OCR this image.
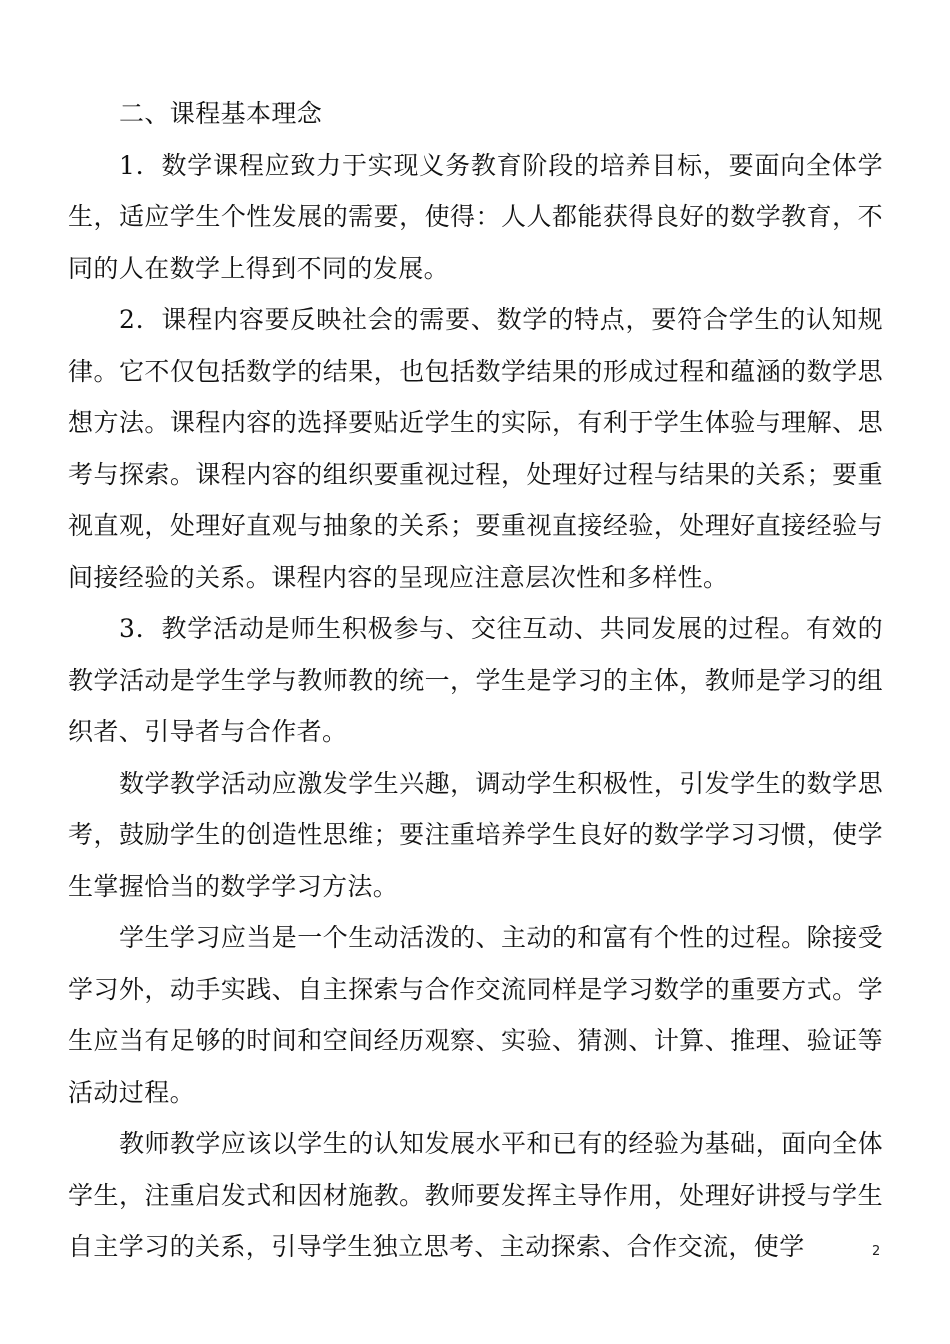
二、课程基本理念

1．数学课程应致力于实现义务教育阶段的培养目标，要面向全体学生，适应学生个性发展的需要，使得：人人都能获得良好的数学教育，不同的人在数学上得到不同的发展。

2．课程内容要反映社会的需要、数学的特点，要符合学生的认知规律。它不仅包括数学的结果，也包括数学结果的形成过程和蕴涵的数学思想方法。课程内容的选择要贴近学生的实际，有利于学生体验与理解、思考与探索。课程内容的组织要重视过程，处理好过程与结果的关系；要重视直观，处理好直观与抽象的关系；要重视直接经验，处理好直接经验与间接经验的关系。课程内容的呈现应注意层次性和多样性。

3．教学活动是师生积极参与、交往互动、共同发展的过程。有效的教学活动是学生学与教师教的统一，学生是学习的主体，教师是学习的组织者、引导者与合作者。

数学教学活动应激发学生兴趣，调动学生积极性，引发学生的数学思考，鼓励学生的创造性思维；要注重培养学生良好的数学学习习惯，使学生掌握恰当的数学学习方法。

学生学习应当是一个生动活泼的、主动的和富有个性的过程。除接受学习外，动手实践、自主探索与合作交流同样是学习数学的重要方式。学生应当有足够的时间和空间经历观察、实验、猜测、计算、推理、验证等活动过程。

教师教学应该以学生的认知发展水平和已有的经验为基础，面向全体学生，注重启发式和因材施教。教师要发挥主导作用，处理好讲授与学生自主学习的关系，引导学生独立思考、主动探索、合作交流，使学	2
